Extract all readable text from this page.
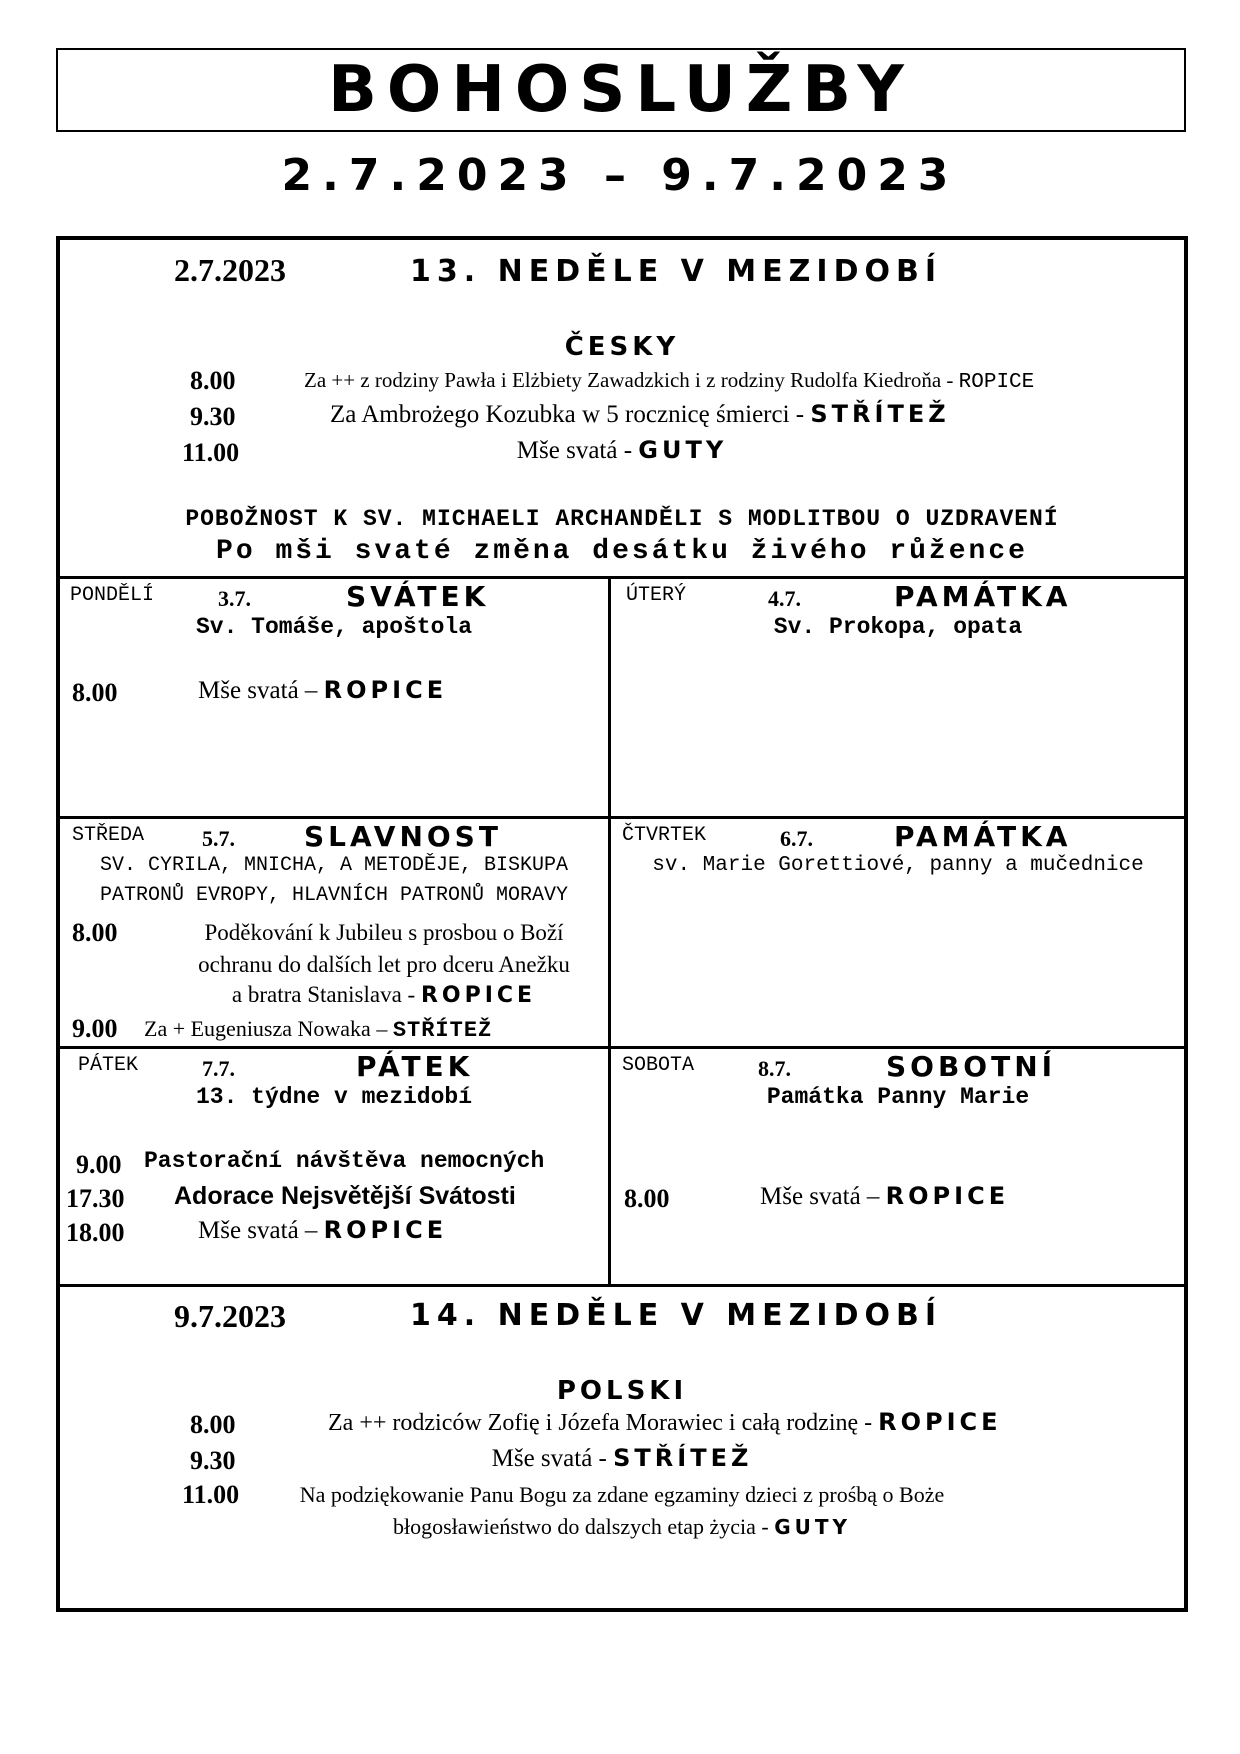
BOHOSLUŽBY
2.7.2023 – 9.7.2023
2.7.2023	13. NEDĚLE V MEZIDOBÍ
ČESKY
8.00	Za ++ z rodziny Pawła i Elżbiety Zawadzkich i z rodziny Rudolfa Kiedroňa - ROPICE
9.30	Za Ambrożego Kozubka w 5 rocznicę śmierci - STŘÍTEŽ
11.00	Mše svatá - GUTY
POBOŽNOST K SV. MICHAELI ARCHANDĚLI S MODLITBOU O UZDRAVENÍ
Po mši svaté změna desátku živého růžence
PONDĚLÍ	3.7.	SVÁTEK
Sv. Tomáše, apoštola
8.00	Mše svatá – ROPICE
ÚTERÝ	4.7.	PAMÁTKA
Sv. Prokopa, opata
STŘEDA	5.7. SLAVNOST
SV. CYRILA, MNICHA, A METODĚJE, BISKUPA
PATRONŮ EVROPY, HLAVNÍCH PATRONŮ MORAVY
8.00	Poděkování k Jubileu s prosbou o Boží
ochranu do dalších let pro dceru Anežku
a bratra Stanislava - ROPICE
9.00 Za + Eugeniusza Nowaka – STŘÍTEŽ
ČTVRTEK	6.7.	PAMÁTKA
sv. Marie Gorettiové, panny a mučednice
PÁTEK	7.7.	PÁTEK
13. týdne v mezidobí
9.00 Pastorační návštěva nemocných
17.30 Adorace Nejsvětější Svátosti
18.00	Mše svatá – ROPICE
SOBOTA	8.7.	SOBOTNÍ
Památka Panny Marie
8.00	Mše svatá – ROPICE
9.7.2023	14. NEDĚLE V MEZIDOBÍ
POLSKI
8.00	Za ++ rodziców Zofię i Józefa Morawiec i całą rodzinę - ROPICE
9.30	Mše svatá - STŘÍTEŽ
11.00	Na podziękowanie Panu Bogu za zdane egzaminy dzieci z prośbą o Boże
błogosławieństwo do dalszych etap życia - GUTY
